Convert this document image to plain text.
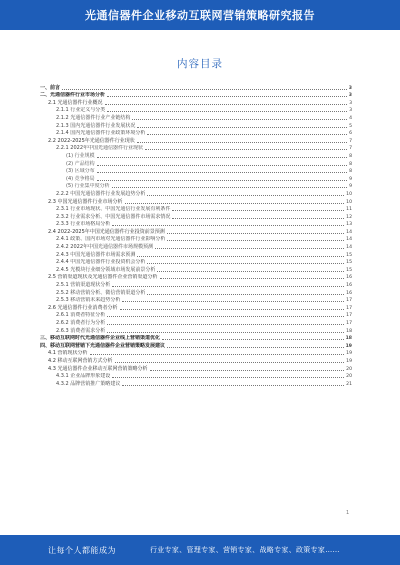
光通信器件企业移动互联网营销策略研究报告
内容目录
一、前言	3
二、光通信器件行业市场分析	3
2.1 光通信器件行业概况	3
2.1.1 行业定义与分类	3
2.1.2 光通信器件行业产业链结构	4
2.1.3 国内光通信器件行业发展状况	5
2.1.4 国内光通信器件行业政策环境分析	6
2.2 2022-2025年光通信器件行业现状	7
2.2.1 2022年中国光通信器件行业现状	7
(1) 行业规模	8
(2) 产品结构	8
(3) 区域分布	8
(4) 竞争格局	9
(5) 行业集中度分析	9
2.2.2 中国光通信器件行业发展趋势分析	10
2.3 中国光通信器件行业市场分析	10
2.3.1 行业市场现状、中国光通信行业发展有利条件	11
2.3.2 行业需求分析、中国光通信器件市场需求情况	12
2.3.3 行业市场格局分析	13
2.4 2022-2025年中国光通信器件行业投资前景预测	14
2.4.1 政策、国内市场对光通信器件行业影响分析	14
2.4.2 2022年中国光通信器件市场规模预测	14
2.4.3 中国光通信器件市场需求预测	15
2.4.4 中国光通信器件行业投资机会分析	15
2.4.5 光模块行业细分领域市场发展前景分析	15
2.5 营销渠道现状及光通信器件企业营销渠道分析	16
2.5.1 营销渠道现状分析	16
2.5.2 移动营销分析、微信营销渠道分析	16
2.5.3 移动营销未来趋势分析	17
2.6 光通信器件行业消费者分析	17
2.6.1 消费者特征分析	17
2.6.2 消费者行为分析	17
2.6.3 消费者需求分析	18
三、移动互联网时代光通信器件企业线上营销渠道优化	18
四、移动互联网营销下光通信器件企业营销策略发展建议	19
4.1 营销现状分析	19
4.2 移动互联网营销方式分析	19
4.3 光通信器件企业移动互联网营销策略分析	20
4.3.1 企业品牌形象建设	20
4.3.2 品牌营销推广策略建议	21
1
让每个人都能成为	行业专家、管理专家、营销专家、战略专家、政策专家……
